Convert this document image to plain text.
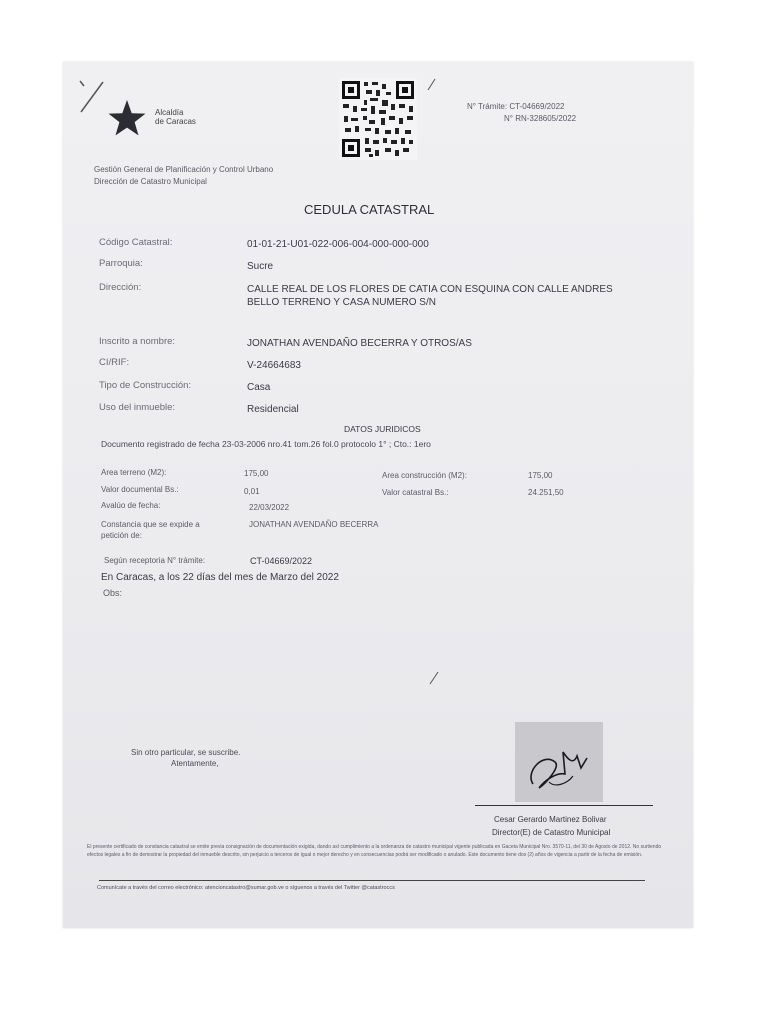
Alcaldía
de Caracas
N° Trámite: CT-04669/2022
N° RN-328605/2022
Gestión General de Planificación y Control Urbano
Dirección de Catastro Municipal
CEDULA CATASTRAL
Código Catastral:	01-01-21-U01-022-006-004-000-000-000
Parroquia:	Sucre
Dirección:	CALLE REAL DE LOS FLORES DE CATIA CON ESQUINA CON CALLE ANDRES
BELLO TERRENO Y CASA NUMERO S/N
Inscrito a nombre:	JONATHAN AVENDAÑO BECERRA Y OTROS/AS
CI/RIF:	V-24664683
Tipo de Construcción:	Casa
Uso del inmueble:	Residencial
DATOS JURIDICOS
Documento registrado de fecha 23-03-2006 nro.41 tom.26 fol.0 protocolo 1° ; Cto.: 1ero
Area terreno (M2):	175,00	Area construcción (M2):	175,00
Valor documental Bs.:	0,01	Valor catastral Bs.:	24.251,50
Avalúo de fecha:	22/03/2022
Constancia que se expide a
petición de:
JONATHAN AVENDAÑO BECERRA
Según receptoria N° trámite:	CT-04669/2022
En Caracas, a los 22 días del mes de Marzo del 2022
Obs:
Sin otro particular, se suscribe.
Atentamente,
Cesar Gerardo Martinez Bolivar
Director(E) de Catastro Municipal
El presente certificado de constancia catastral se emite previa consignación de documentación exigida, dando así cumplimiento a la ordenanza de catastro municipal vigente publicada en Gaceta Municipal Nro. 3570-11, del 30 de Agosto de 2012. No surtiendo efectos legales a fin de demostrar la propiedad del inmueble descrito, sin perjuicio a terceros de igual o mejor derecho y en consecuencias podrá ser modificado o anulado. Este documento tiene dos (2) años de vigencia a partir de la fecha de emisión.
Comunícate a través del correo electrónico: atencioncatastro@sumar.gob.ve o síguenos a través del Twitter @catastroccs
